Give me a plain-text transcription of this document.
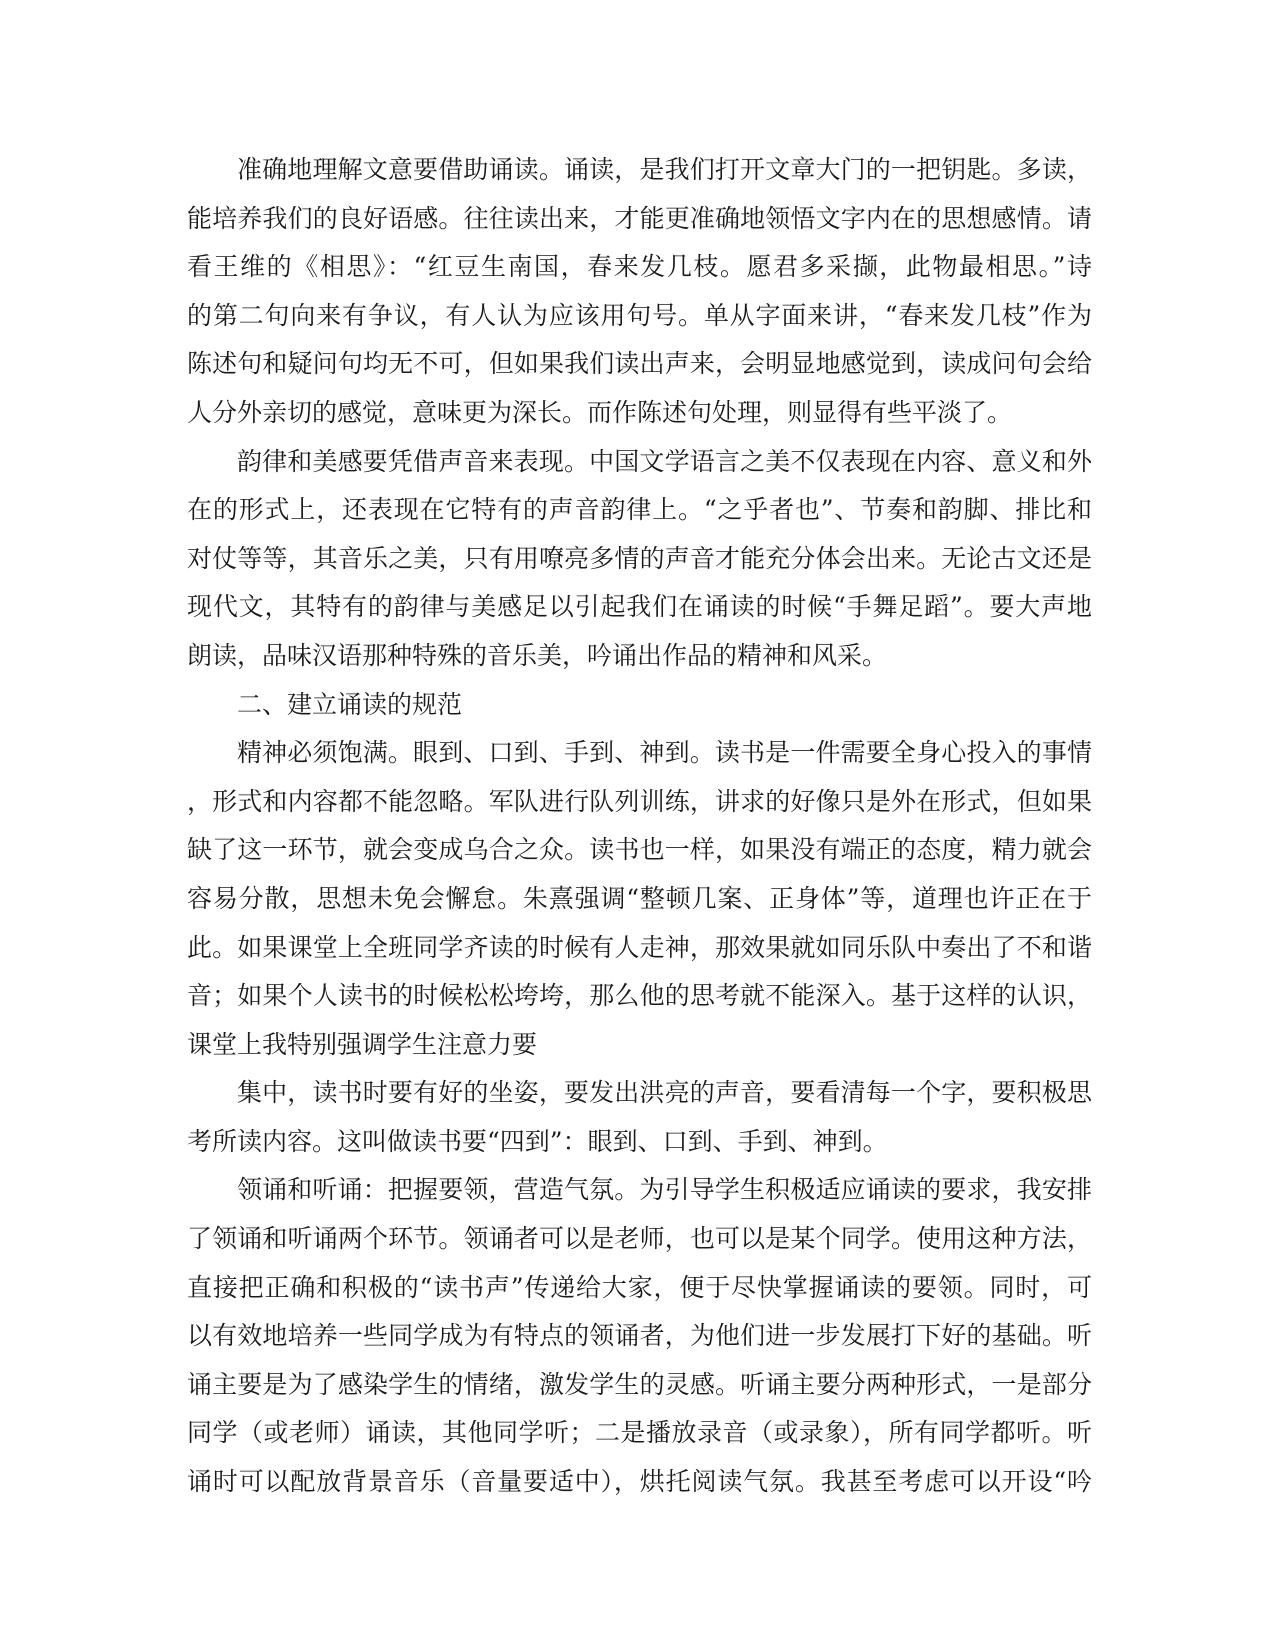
准确地理解文意要借助诵读。诵读，是我们打开文章大门的一把钥匙。多读，
能培养我们的良好语感。往往读出来，才能更准确地领悟文字内在的思想感情。请
看王维的《相思》：“红豆生南国，春来发几枝。愿君多采撷，此物最相思。”诗
的第二句向来有争议，有人认为应该用句号。单从字面来讲，“春来发几枝”作为
陈述句和疑问句均无不可，但如果我们读出声来，会明显地感觉到，读成问句会给
人分外亲切的感觉，意味更为深长。而作陈述句处理，则显得有些平淡了。
韵律和美感要凭借声音来表现。中国文学语言之美不仅表现在内容、意义和外
在的形式上，还表现在它特有的声音韵律上。“之乎者也”、节奏和韵脚、排比和
对仗等等，其音乐之美，只有用嘹亮多情的声音才能充分体会出来。无论古文还是
现代文，其特有的韵律与美感足以引起我们在诵读的时候“手舞足蹈”。要大声地
朗读，品味汉语那种特殊的音乐美，吟诵出作品的精神和风采。
二、建立诵读的规范
精神必须饱满。眼到、口到、手到、神到。读书是一件需要全身心投入的事情
，形式和内容都不能忽略。军队进行队列训练，讲求的好像只是外在形式，但如果
缺了这一环节，就会变成乌合之众。读书也一样，如果没有端正的态度，精力就会
容易分散，思想未免会懈怠。朱熹强调“整顿几案、正身体”等，道理也许正在于
此。如果课堂上全班同学齐读的时候有人走神，那效果就如同乐队中奏出了不和谐
音；如果个人读书的时候松松垮垮，那么他的思考就不能深入。基于这样的认识，
课堂上我特别强调学生注意力要
集中，读书时要有好的坐姿，要发出洪亮的声音，要看清每一个字，要积极思
考所读内容。这叫做读书要“四到”：眼到、口到、手到、神到。
领诵和听诵：把握要领，营造气氛。为引导学生积极适应诵读的要求，我安排
了领诵和听诵两个环节。领诵者可以是老师，也可以是某个同学。使用这种方法，
直接把正确和积极的“读书声”传递给大家，便于尽快掌握诵读的要领。同时，可
以有效地培养一些同学成为有特点的领诵者，为他们进一步发展打下好的基础。听
诵主要是为了感染学生的情绪，激发学生的灵感。听诵主要分两种形式，一是部分
同学（或老师）诵读，其他同学听；二是播放录音（或录象），所有同学都听。听
诵时可以配放背景音乐（音量要适中），烘托阅读气氛。我甚至考虑可以开设“吟
